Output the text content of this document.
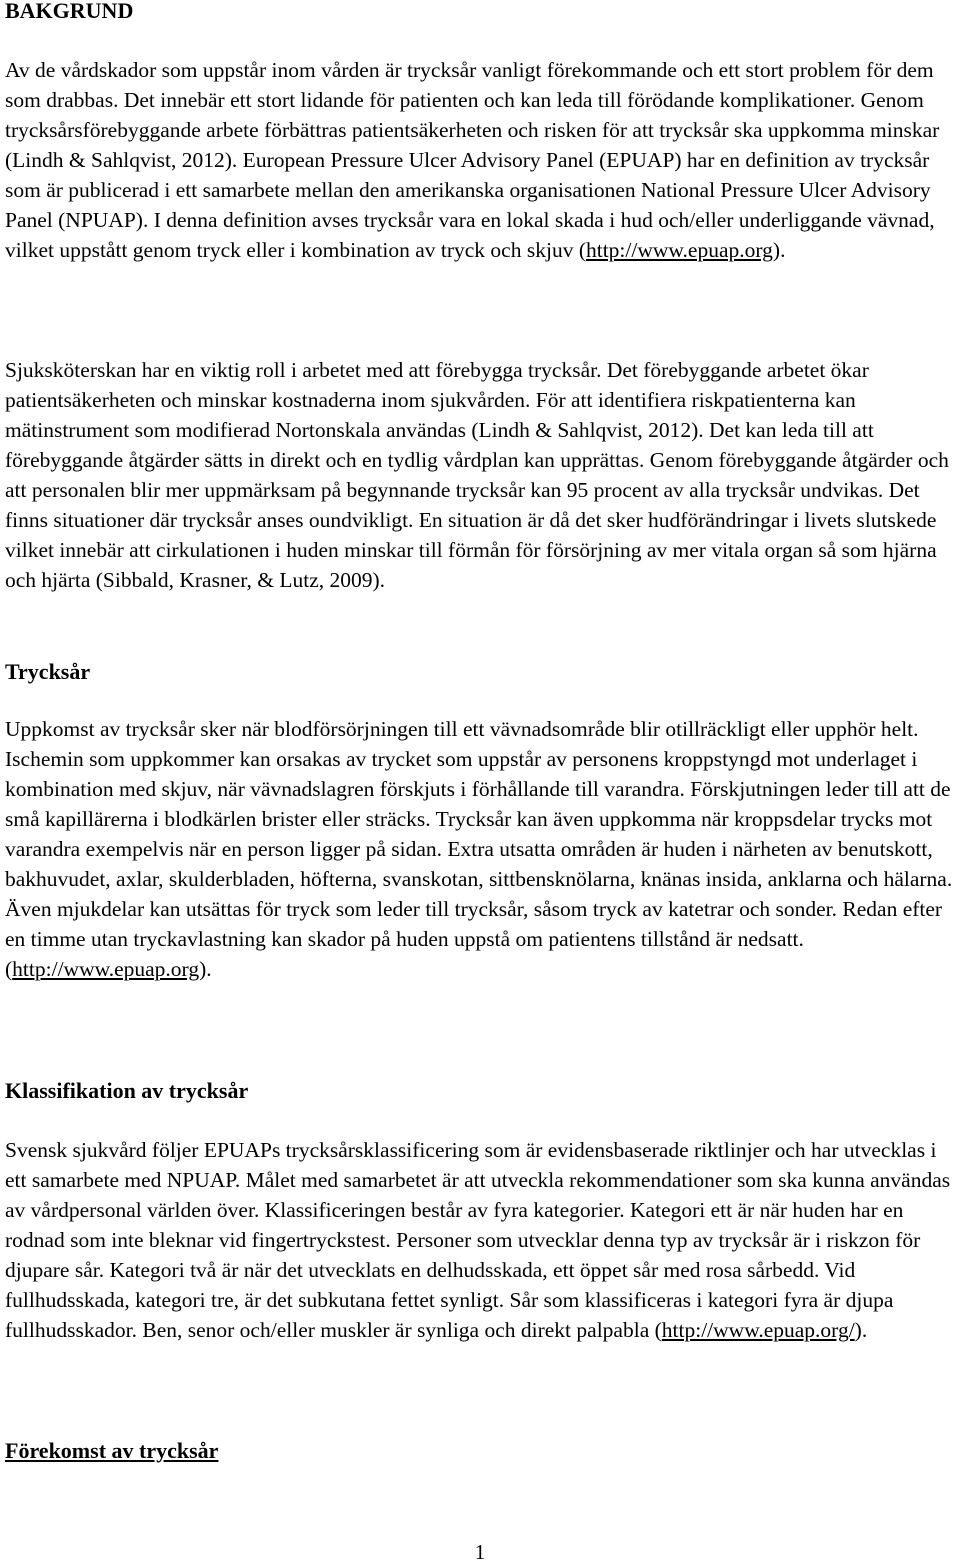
BAKGRUND

Av de vårdskador som uppstår inom vården är trycksår vanligt förekommande och ett stort problem för dem som drabbas. Det innebär ett stort lidande för patienten och kan leda till förödande komplikationer. Genom trycksårsförebyggande arbete förbättras patientsäkerheten och risken för att trycksår ska uppkomma minskar (Lindh & Sahlqvist, 2012). European Pressure Ulcer Advisory Panel (EPUAP) har en definition av trycksår som är publicerad i ett samarbete mellan den amerikanska organisationen National Pressure Ulcer Advisory Panel (NPUAP). I denna definition avses trycksår vara en lokal skada i hud och/eller underliggande vävnad, vilket uppstått genom tryck eller i kombination av tryck och skjuv (http://www.epuap.org).

Sjuksköterskan har en viktig roll i arbetet med att förebygga trycksår. Det förebyggande arbetet ökar patientsäkerheten och minskar kostnaderna inom sjukvården. För att identifiera riskpatienterna kan mätinstrument som modifierad Nortonskala användas (Lindh & Sahlqvist, 2012). Det kan leda till att förebyggande åtgärder sätts in direkt och en tydlig vårdplan kan upprättas. Genom förebyggande åtgärder och att personalen blir mer uppmärksam på begynnande trycksår kan 95 procent av alla trycksår undvikas. Det finns situationer där trycksår anses oundvikligt. En situation är då det sker hudförändringar i livets slutskede vilket innebär att cirkulationen i huden minskar till förmån för försörjning av mer vitala organ så som hjärna och hjärta (Sibbald, Krasner, & Lutz, 2009).

Trycksår

Uppkomst av trycksår sker när blodförsörjningen till ett vävnadsområde blir otillräckligt eller upphör helt. Ischemin som uppkommer kan orsakas av trycket som uppstår av personens kroppstyngd mot underlaget i kombination med skjuv, när vävnadslagren förskjuts i förhållande till varandra. Förskjutningen leder till att de små kapillärerna i blodkärlen brister eller sträcks. Trycksår kan även uppkomma när kroppsdelar trycks mot varandra exempelvis när en person ligger på sidan. Extra utsatta områden är huden i närheten av benutskott, bakhuvudet, axlar, skulderbladen, höfterna, svanskotan, sittbensknölarna, knänas insida, anklarna och hälarna. Även mjukdelar kan utsättas för tryck som leder till trycksår, såsom tryck av katetrar och sonder. Redan efter en timme utan tryckavlastning kan skador på huden uppstå om patientens tillstånd är nedsatt. (http://www.epuap.org).

Klassifikation av trycksår

Svensk sjukvård följer EPUAPs trycksårsklassificering som är evidensbaserade riktlinjer och har utvecklas i ett samarbete med NPUAP. Målet med samarbetet är att utveckla rekommendationer som ska kunna användas av vårdpersonal världen över. Klassificeringen består av fyra kategorier. Kategori ett är när huden har en rodnad som inte bleknar vid fingertryckstest. Personer som utvecklar denna typ av trycksår är i riskzon för djupare sår. Kategori två är när det utvecklats en delhudsskada, ett öppet sår med rosa sårbedd. Vid fullhudsskada, kategori tre, är det subkutana fettet synligt. Sår som klassificeras i kategori fyra är djupa fullhudsskador. Ben, senor och/eller muskler är synliga och direkt palpabla (http://www.epuap.org/).

Förekomst av trycksår
1
